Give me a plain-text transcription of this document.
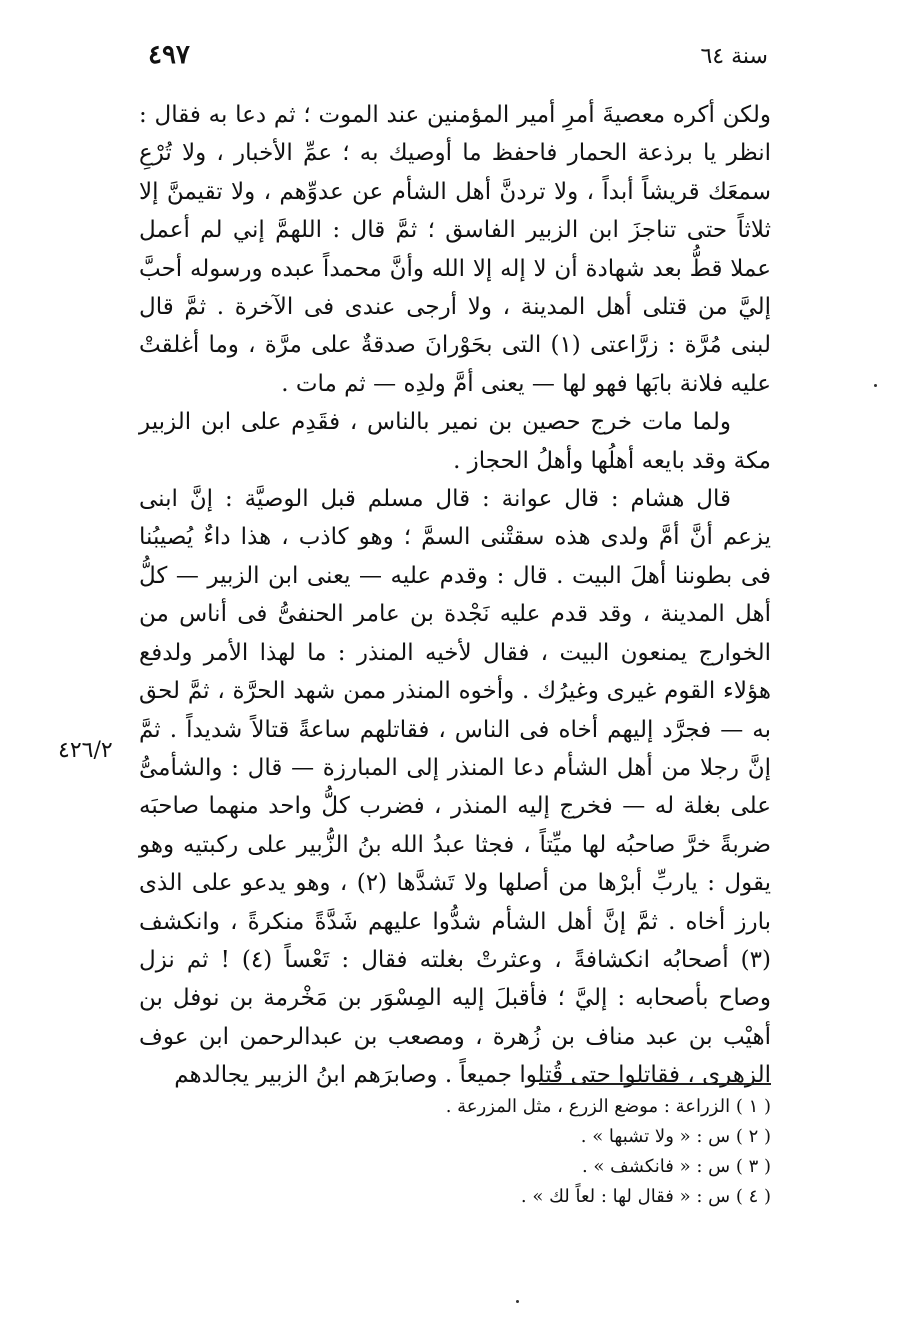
٤٩٧	سنة ٦٤

ولكن أكره معصيةَ أمرِ أمير المؤمنين عند الموت ؛ ثم دعا به فقال : انظر يا برذعة الحمار فاحفظ ما أوصيك به ؛ عمِّ الأخبار ، ولا تُرْعِ سمعَك قريشاً أبداً ، ولا تردنَّ أهل الشأم عن عدوِّهم ، ولا تقيمنَّ إلا ثلاثاً حتى تناجزَ ابن الزبير الفاسق ؛ ثمَّ قال : اللهمَّ إني لم أعمل عملا قطُّ بعد شهادة أن لا إله إلا الله وأنَّ محمداً عبده ورسوله أحبَّ إليَّ من قتلى أهل المدينة ، ولا أرجى عندى فى الآخرة . ثمَّ قال لبنى مُرَّة : زرَّاعتى (١) التى بحَوْرانَ صدقةٌ على مرَّة ، وما أغلقتْ عليه فلانة بابَها فهو لها — يعنى أمَّ ولدِه — ثم مات .

ولما مات خرج حصين بن نمير بالناس ، فقَدِم على ابن الزبير مكة وقد بايعه أهلُها وأهلُ الحجاز .

قال هشام : قال عوانة : قال مسلم قبل الوصيَّة : إنَّ ابنى يزعم أنَّ أمَّ ولدى هذه سقتْنى السمَّ ؛ وهو كاذب ، هذا داءٌ يُصيبُنا فى بطوننا أهلَ البيت . قال : وقدم عليه — يعنى ابن الزبير — كلُّ أهل المدينة ، وقد قدم عليه نَجْدة بن عامر الحنفىُّ فى أناس من الخوارج يمنعون البيت ، فقال لأخيه المنذر : ما لهذا الأمر ولدفع هؤلاء القوم غيرى وغيرُك . وأخوه المنذر ممن شهد الحرَّة ، ثمَّ لحق به — فجرَّد إليهم أخاه فى الناس ، فقاتلهم ساعةً قتالاً شديداً . ثمَّ إنَّ رجلا من أهل الشأم دعا المنذر إلى المبارزة — قال : والشأمىُّ على بغلة له — فخرج إليه المنذر ، فضرب كلُّ واحد منهما صاحبَه ضربةً خرَّ صاحبُه لها ميِّتاً ، فجثا عبدُ الله بنُ الزُّبير على ركبتيه وهو يقول : ياربِّ أبرْها من أصلها ولا تَشدَّها (٢) ، وهو يدعو على الذى بارز أخاه . ثمَّ إنَّ أهل الشأم شدُّوا عليهم شَدَّةً منكرةً ، وانكشف (٣) أصحابُه انكشافةً ، وعثرتْ بغلته فقال : تَعْساً (٤) ! ثم نزل وصاح بأصحابه : إليَّ ؛ فأقبلَ إليه المِسْوَر بن مَخْرمة بن نوفل بن أهيْب بن عبد مناف بن زُهرة ، ومصعب بن عبدالرحمن ابن عوف الزهرى ، فقاتلوا حتى قُتلوا جميعاً . وصابرَهم ابنُ الزبير يجالدهم

٤٢٦/٢

( ١ ) الزراعة : موضع الزرع ، مثل المزرعة .

( ٢ ) س : « ولا تشبها » .

( ٣ ) س : « فانكشف » .

( ٤ ) س : « فقال لها : لعاً لك » .
